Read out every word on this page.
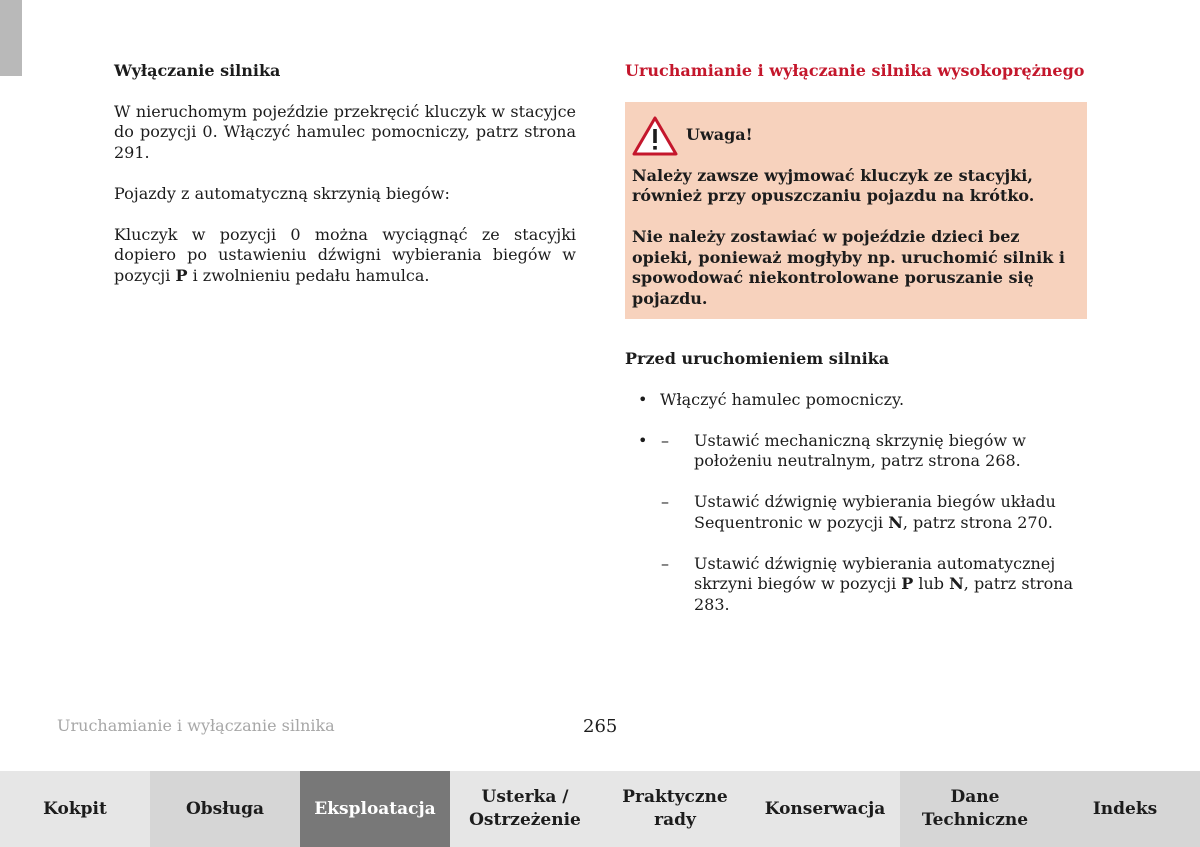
Wyłączanie silnika
W nieruchomym pojeździe przekręcić kluczyk w stacyjce do pozycji 0. Włączyć hamulec pomocniczy, patrz strona 291.
Pojazdy z automatyczną skrzynią biegów:
Kluczyk w pozycji 0 można wyciągnąć ze stacyjki dopiero po ustawieniu dźwigni wybierania biegów w pozycji P i zwolnieniu pedału hamulca.
Uruchamianie i wyłączanie silnika wysokoprężnego
Uwaga!
Należy zawsze wyjmować kluczyk ze stacyjki, również przy opuszczaniu pojazdu na krótko.
Nie należy zostawiać w pojeździe dzieci bez opieki, ponieważ mogłyby np. uruchomić silnik i spowodować niekontrolowane poruszanie się pojazdu.
Przed uruchomieniem silnika
• Włączyć hamulec pomocniczy.
• – Ustawić mechaniczną skrzynię biegów w położeniu neutralnym, patrz strona 268.
– Ustawić dźwignię wybierania biegów układu Sequentronic w pozycji N, patrz strona 270.
– Ustawić dźwignię wybierania automatycznej skrzyni biegów w pozycji P lub N, patrz strona 283.
Uruchamianie i wyłączanie silnika	265
Kokpit	Obsługa	Eksploatacja
Usterka /
Ostrzeżenie
Praktyczne
rady
Konserwacja
Dane
Techniczne
Indeks
